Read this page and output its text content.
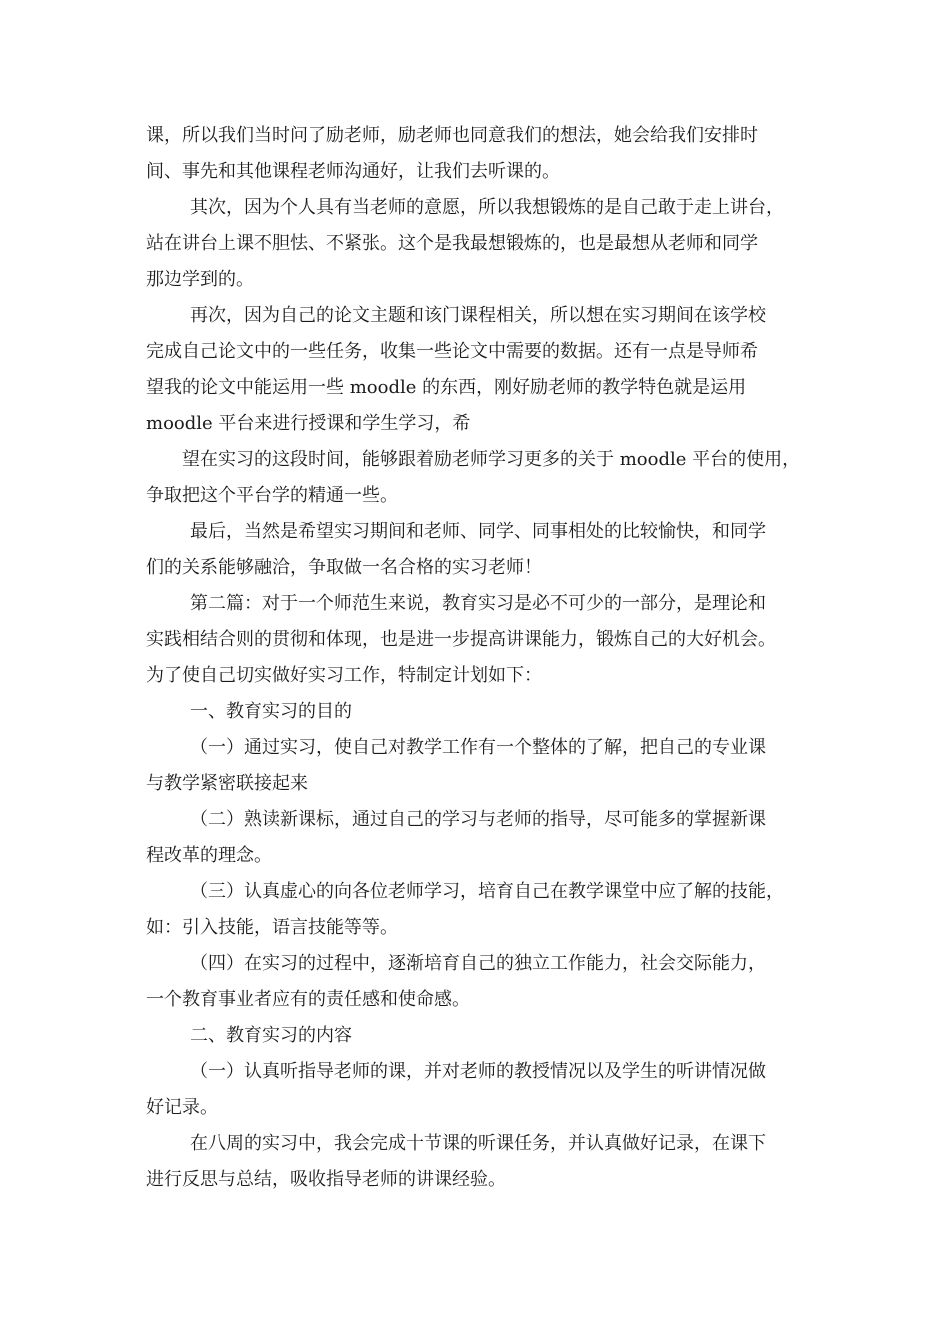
课，所以我们当时问了励老师，励老师也同意我们的想法，她会给我们安排时
间、事先和其他课程老师沟通好，让我们去听课的。
其次，因为个人具有当老师的意愿，所以我想锻炼的是自己敢于走上讲台，
站在讲台上课不胆怯、不紧张。这个是我最想锻炼的，也是最想从老师和同学
那边学到的。
再次，因为自己的论文主题和该门课程相关，所以想在实习期间在该学校
完成自己论文中的一些任务，收集一些论文中需要的数据。还有一点是导师希
望我的论文中能运用一些 moodle 的东西，刚好励老师的教学特色就是运用
moodle 平台来进行授课和学生学习，希
望在实习的这段时间，能够跟着励老师学习更多的关于 moodle 平台的使用，
争取把这个平台学的精通一些。
最后，当然是希望实习期间和老师、同学、同事相处的比较愉快，和同学
们的关系能够融洽，争取做一名合格的实习老师！
第二篇：对于一个师范生来说，教育实习是必不可少的一部分，是理论和
实践相结合则的贯彻和体现，也是进一步提高讲课能力，锻炼自己的大好机会。
为了使自己切实做好实习工作，特制定计划如下：
一、教育实习的目的
（一）通过实习，使自己对教学工作有一个整体的了解，把自己的专业课
与教学紧密联接起来
（二）熟读新课标，通过自己的学习与老师的指导，尽可能多的掌握新课
程改革的理念。
（三）认真虚心的向各位老师学习，培育自己在教学课堂中应了解的技能，
如：引入技能，语言技能等等。
（四）在实习的过程中，逐渐培育自己的独立工作能力，社会交际能力，
一个教育事业者应有的责任感和使命感。
二、教育实习的内容
（一）认真听指导老师的课，并对老师的教授情况以及学生的听讲情况做
好记录。
在八周的实习中，我会完成十节课的听课任务，并认真做好记录，在课下
进行反思与总结，吸收指导老师的讲课经验。
